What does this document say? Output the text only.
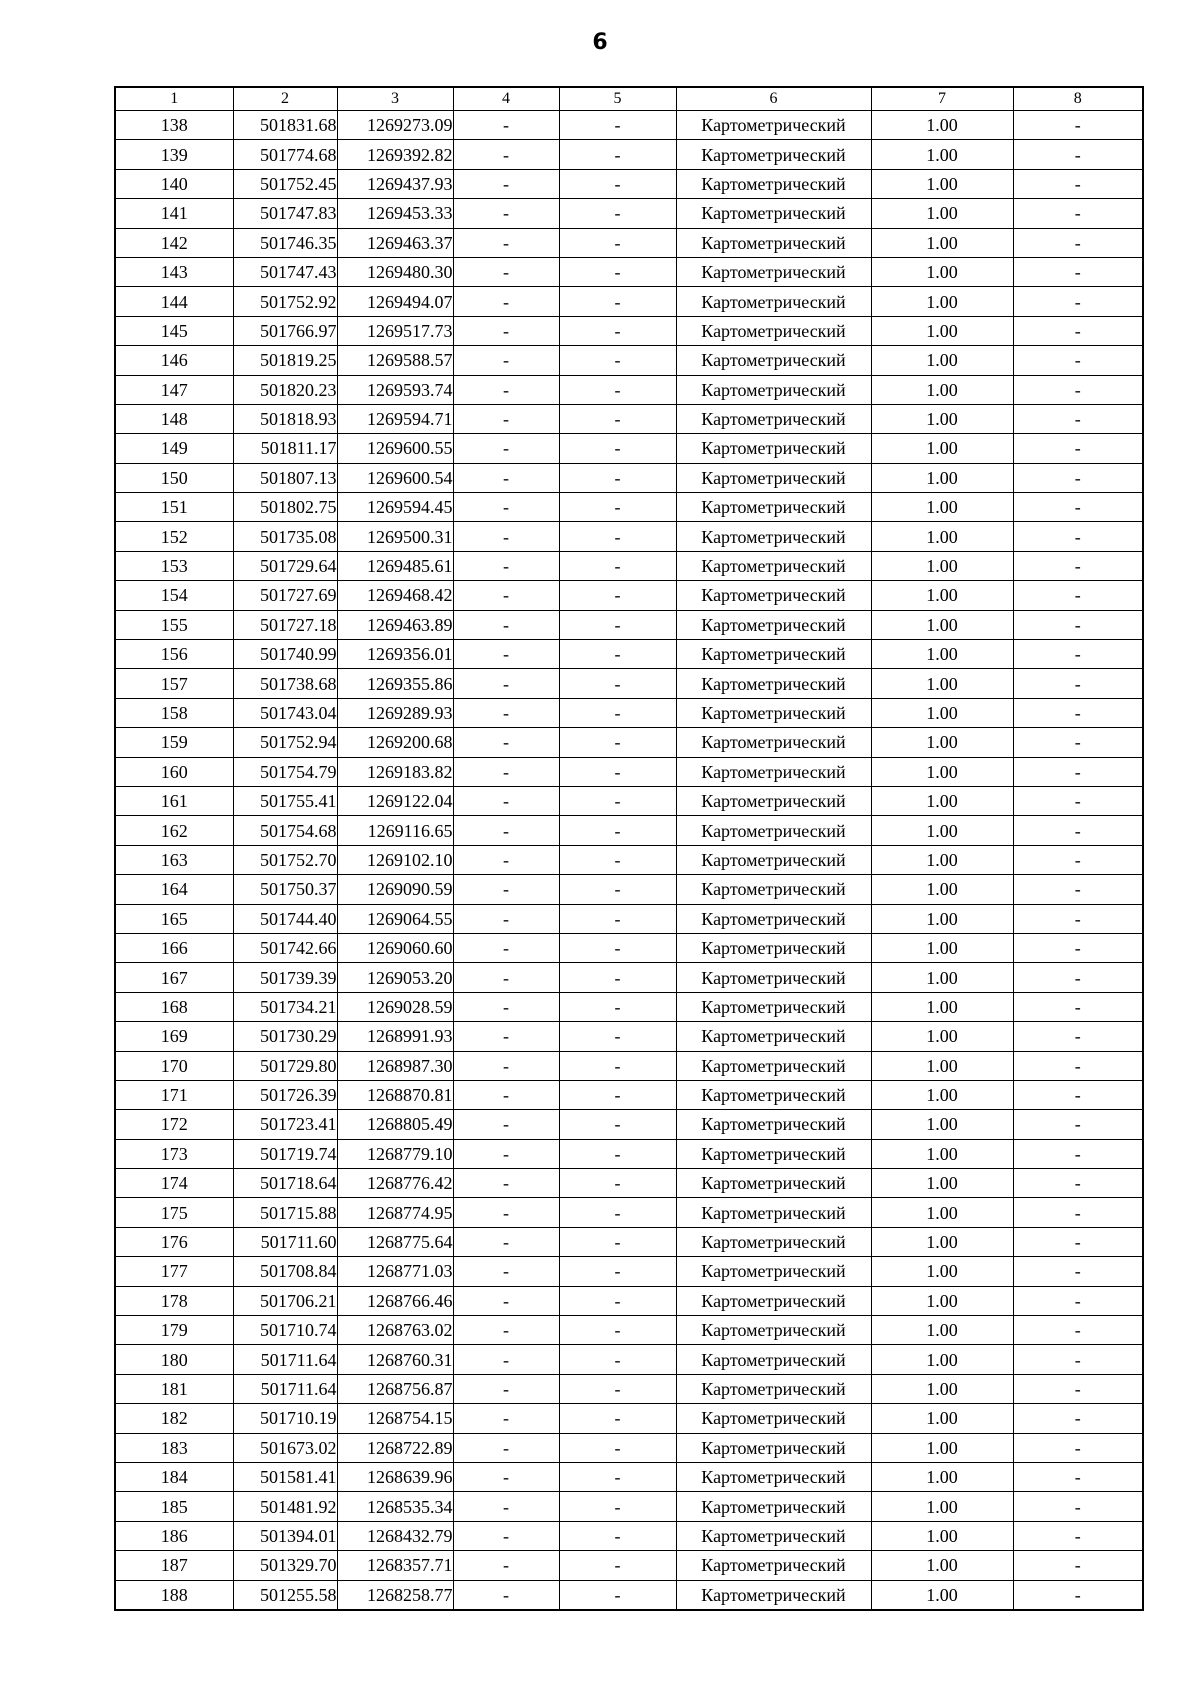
6
1	2	3	4	5	6	7	8
138	501831.68	1269273.09	-	-	Картометрический	1.00	-
139	501774.68	1269392.82	-	-	Картометрический	1.00	-
140	501752.45	1269437.93	-	-	Картометрический	1.00	-
141	501747.83	1269453.33	-	-	Картометрический	1.00	-
142	501746.35	1269463.37	-	-	Картометрический	1.00	-
143	501747.43	1269480.30	-	-	Картометрический	1.00	-
144	501752.92	1269494.07	-	-	Картометрический	1.00	-
145	501766.97	1269517.73	-	-	Картометрический	1.00	-
146	501819.25	1269588.57	-	-	Картометрический	1.00	-
147	501820.23	1269593.74	-	-	Картометрический	1.00	-
148	501818.93	1269594.71	-	-	Картометрический	1.00	-
149	501811.17	1269600.55	-	-	Картометрический	1.00	-
150	501807.13	1269600.54	-	-	Картометрический	1.00	-
151	501802.75	1269594.45	-	-	Картометрический	1.00	-
152	501735.08	1269500.31	-	-	Картометрический	1.00	-
153	501729.64	1269485.61	-	-	Картометрический	1.00	-
154	501727.69	1269468.42	-	-	Картометрический	1.00	-
155	501727.18	1269463.89	-	-	Картометрический	1.00	-
156	501740.99	1269356.01	-	-	Картометрический	1.00	-
157	501738.68	1269355.86	-	-	Картометрический	1.00	-
158	501743.04	1269289.93	-	-	Картометрический	1.00	-
159	501752.94	1269200.68	-	-	Картометрический	1.00	-
160	501754.79	1269183.82	-	-	Картометрический	1.00	-
161	501755.41	1269122.04	-	-	Картометрический	1.00	-
162	501754.68	1269116.65	-	-	Картометрический	1.00	-
163	501752.70	1269102.10	-	-	Картометрический	1.00	-
164	501750.37	1269090.59	-	-	Картометрический	1.00	-
165	501744.40	1269064.55	-	-	Картометрический	1.00	-
166	501742.66	1269060.60	-	-	Картометрический	1.00	-
167	501739.39	1269053.20	-	-	Картометрический	1.00	-
168	501734.21	1269028.59	-	-	Картометрический	1.00	-
169	501730.29	1268991.93	-	-	Картометрический	1.00	-
170	501729.80	1268987.30	-	-	Картометрический	1.00	-
171	501726.39	1268870.81	-	-	Картометрический	1.00	-
172	501723.41	1268805.49	-	-	Картометрический	1.00	-
173	501719.74	1268779.10	-	-	Картометрический	1.00	-
174	501718.64	1268776.42	-	-	Картометрический	1.00	-
175	501715.88	1268774.95	-	-	Картометрический	1.00	-
176	501711.60	1268775.64	-	-	Картометрический	1.00	-
177	501708.84	1268771.03	-	-	Картометрический	1.00	-
178	501706.21	1268766.46	-	-	Картометрический	1.00	-
179	501710.74	1268763.02	-	-	Картометрический	1.00	-
180	501711.64	1268760.31	-	-	Картометрический	1.00	-
181	501711.64	1268756.87	-	-	Картометрический	1.00	-
182	501710.19	1268754.15	-	-	Картометрический	1.00	-
183	501673.02	1268722.89	-	-	Картометрический	1.00	-
184	501581.41	1268639.96	-	-	Картометрический	1.00	-
185	501481.92	1268535.34	-	-	Картометрический	1.00	-
186	501394.01	1268432.79	-	-	Картометрический	1.00	-
187	501329.70	1268357.71	-	-	Картометрический	1.00	-
188	501255.58	1268258.77	-	-	Картометрический	1.00	-
